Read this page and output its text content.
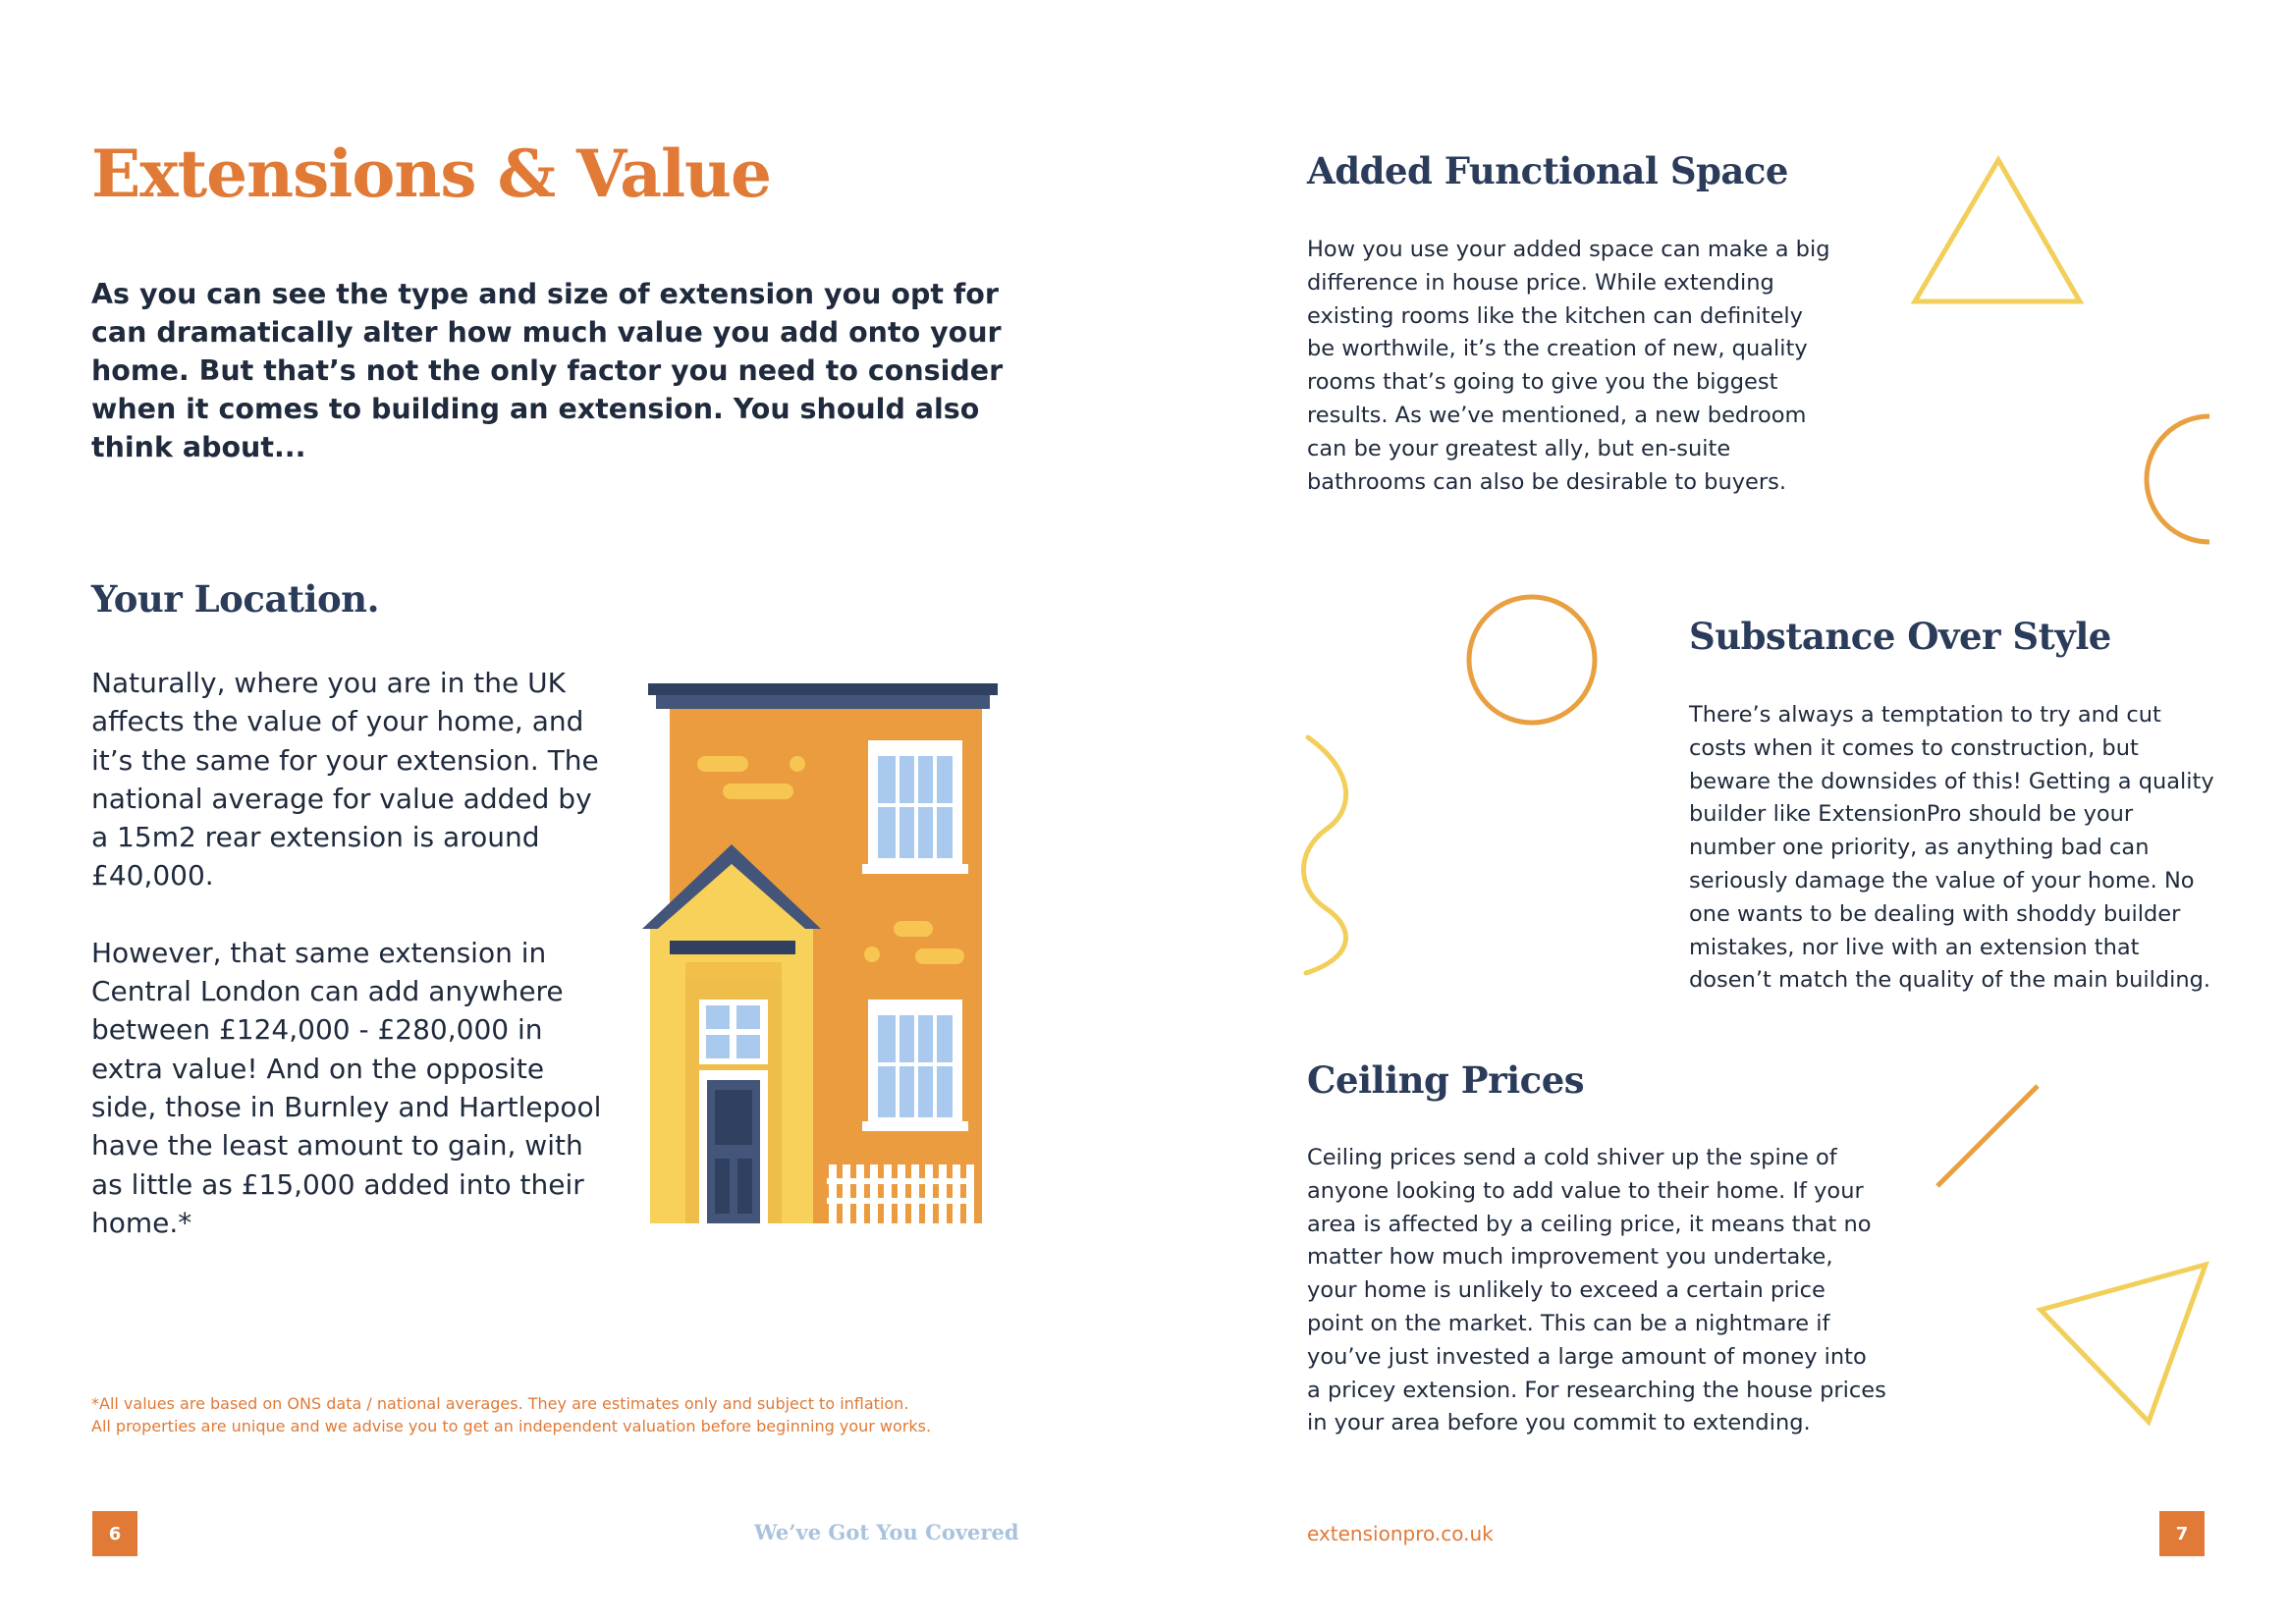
Extensions & Value

As you can see the type and size of extension you opt for can dramatically alter how much value you add onto your home. But that’s not the only factor you need to consider when it comes to building an extension. You should also think about...

Your Location.

Naturally, where you are in the UK affects the value of your home, and it’s the same for your extension. The national average for value added by a 15m2 rear extension is around £40,000.

However, that same extension in Central London can add anywhere between £124,000 - £280,000 in extra value! And on the opposite side, those in Burnley and Hartlepool have the least amount to gain, with as little as £15,000 added into their home.*

*All values are based on ONS data / national averages. They are estimates only and subject to inflation.
All properties are unique and we advise you to get an independent valuation before beginning your works.
6	We’ve Got You Covered
Added Functional Space

How you use your added space can make a big difference in house price. While extending existing rooms like the kitchen can definitely be worthwile, it’s the creation of new, quality rooms that’s going to give you the biggest results. As we’ve mentioned, a new bedroom can be your greatest ally, but en-suite bathrooms can also be desirable to buyers.

Substance Over Style

There’s always a temptation to try and cut costs when it comes to construction, but beware the downsides of this! Getting a quality builder like ExtensionPro should be your number one priority, as anything bad can seriously damage the value of your home. No one wants to be dealing with shoddy builder mistakes, nor live with an extension that dosen’t match the quality of the main building.

Ceiling Prices

Ceiling prices send a cold shiver up the spine of anyone looking to add value to their home. If your area is affected by a ceiling price, it means that no matter how much improvement you undertake, your home is unlikely to exceed a certain price point on the market. This can be a nightmare if you’ve just invested a large amount of money into a pricey extension. For researching the house prices in your area before you commit to extending.

extensionpro.co.uk	7
